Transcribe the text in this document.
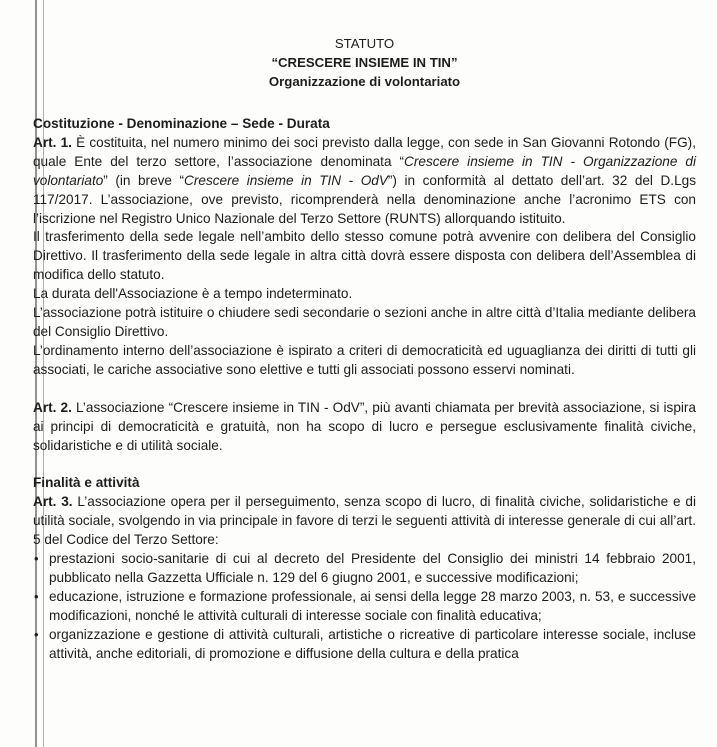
STATUTO
“CRESCERE INSIEME IN TIN”
Organizzazione di volontariato
Costituzione - Denominazione – Sede - Durata

Art. 1. È costituita, nel numero minimo dei soci previsto dalla legge, con sede in San Giovanni Rotondo (FG), quale Ente del terzo settore, l’associazione denominata “Crescere insieme in TIN - Organizzazione di volontariato” (in breve “Crescere insieme in TIN - OdV”) in conformità al dettato dell’art. 32 del D.Lgs 117/2017. L’associazione, ove previsto, ricomprenderà nella denominazione anche l’acronimo ETS con l’iscrizione nel Registro Unico Nazionale del Terzo Settore (RUNTS) allorquando istituito.

Il trasferimento della sede legale nell’ambito dello stesso comune potrà avvenire con delibera del Consiglio Direttivo. Il trasferimento della sede legale in altra città dovrà essere disposta con delibera dell’Assemblea di modifica dello statuto.

La durata dell'Associazione è a tempo indeterminato.

L’associazione potrà istituire o chiudere sedi secondarie o sezioni anche in altre città d’Italia mediante delibera del Consiglio Direttivo.

L’ordinamento interno dell’associazione è ispirato a criteri di democraticità ed uguaglianza dei diritti di tutti gli associati, le cariche associative sono elettive e tutti gli associati possono esservi nominati.

Art. 2. L’associazione “Crescere insieme in TIN - OdV”, più avanti chiamata per brevità associazione, si ispira ai principi di democraticità e gratuità, non ha scopo di lucro e persegue esclusivamente finalità civiche, solidaristiche e di utilità sociale.

Finalità e attività

Art. 3. L’associazione opera per il perseguimento, senza scopo di lucro, di finalità civiche, solidaristiche e di utilità sociale, svolgendo in via principale in favore di terzi le seguenti attività di interesse generale di cui all’art. 5 del Codice del Terzo Settore:

• prestazioni socio-sanitarie di cui al decreto del Presidente del Consiglio dei ministri 14 febbraio 2001, pubblicato nella Gazzetta Ufficiale n. 129 del 6 giugno 2001, e successive modificazioni;
• educazione, istruzione e formazione professionale, ai sensi della legge 28 marzo 2003, n. 53, e successive modificazioni, nonché le attività culturali di interesse sociale con finalità educativa;
• organizzazione e gestione di attività culturali, artistiche o ricreative di particolare interesse sociale, incluse attività, anche editoriali, di promozione e diffusione della cultura e della pratica
